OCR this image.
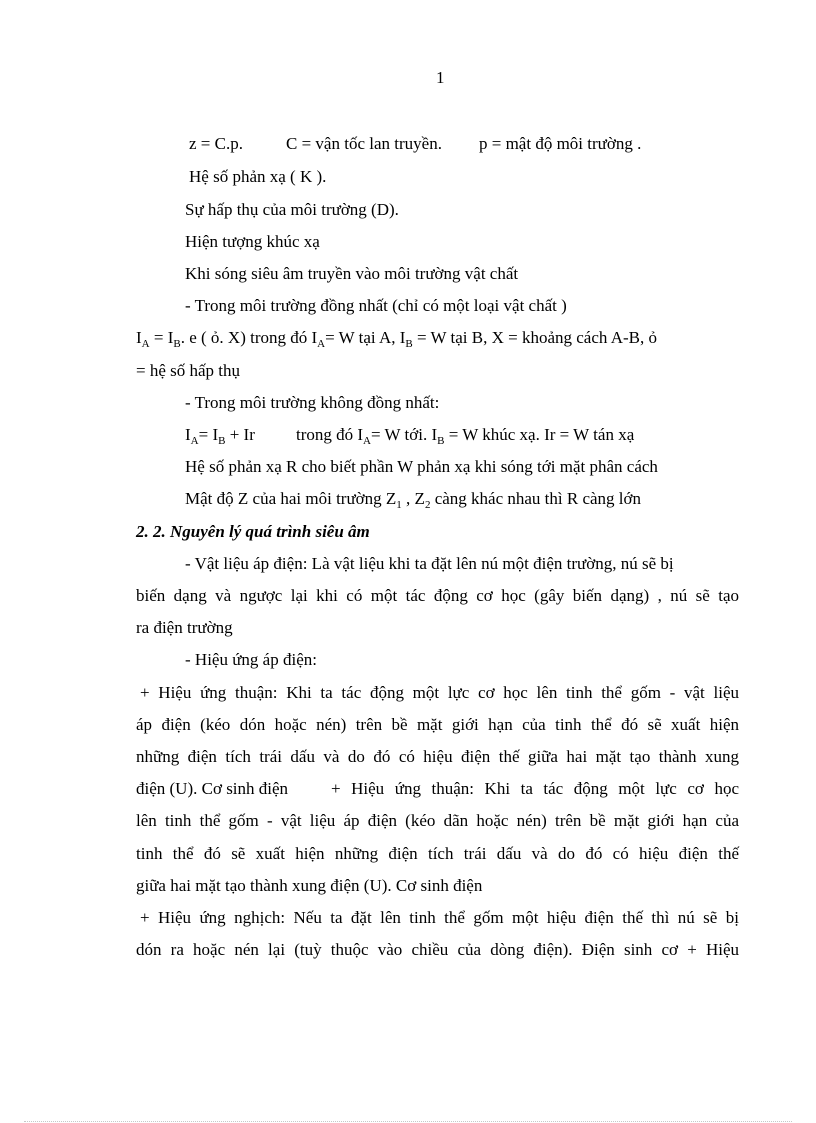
1
z = C.p.	C = vận tốc lan truyền. p = mật độ môi trường .
Hệ số phản xạ ( K ).
Sự hấp thụ của môi trường (D).
Hiện tượng khúc xạ
Khi sóng siêu âm truyền vào môi trường vật chất
- Trong môi trường đồng nhất (chỉ có một loại vật chất )
$I_A = I_B$. e ( ỏ. X) trong đó $I_A= W$ tại A, $I_B = W$ tại B, X = khoảng cách A-B, ỏ
= hệ số hấp thụ
- Trong môi trường không đồng nhất:
$I_A= I_B + Ir$ trong đó $I_A= W$ tới. $I_B = W$ khúc xạ. Ir = W tán xạ
Hệ số phản xạ R cho biết phần W phản xạ khi sóng tới mặt phân cách
Mật độ Z của hai môi trường $Z_1$ , $Z_2$ càng khác nhau thì R càng lớn
2. 2. Nguyên lý quá trình siêu âm
- Vật liệu áp điện: Là vật liệu khi ta đặt lên nú một điện trường, nú sẽ bị
biến dạng và ngược lại khi có một tác động cơ học (gây biến dạng) , nú sẽ tạo
ra điện trường
- Hiệu ứng áp điện:
+ Hiệu ứng thuận: Khi ta tác động một lực cơ học lên tinh thể gốm - vật liệu
áp điện (kéo dón hoặc nén) trên bề mặt giới hạn của tinh thể đó sẽ xuất hiện
những điện tích trái dấu và do đó có hiệu điện thế giữa hai mặt tạo thành xung
điện (U). Cơ sinh điện	+ Hiệu ứng thuận: Khi ta tác động một lực cơ học
lên tinh thể gốm - vật liệu áp điện (kéo dãn hoặc nén) trên bề mặt giới hạn của
tinh thể đó sẽ xuất hiện những điện tích trái dấu và do đó có hiệu điện thế
giữa hai mặt tạo thành xung điện (U). Cơ sinh điện
+ Hiệu ứng nghịch: Nếu ta đặt lên tinh thể gốm một hiệu điện thế thì nú sẽ bị
dón ra hoặc nén lại (tuỳ thuộc vào chiều của dòng điện). Điện sinh cơ + Hiệu
